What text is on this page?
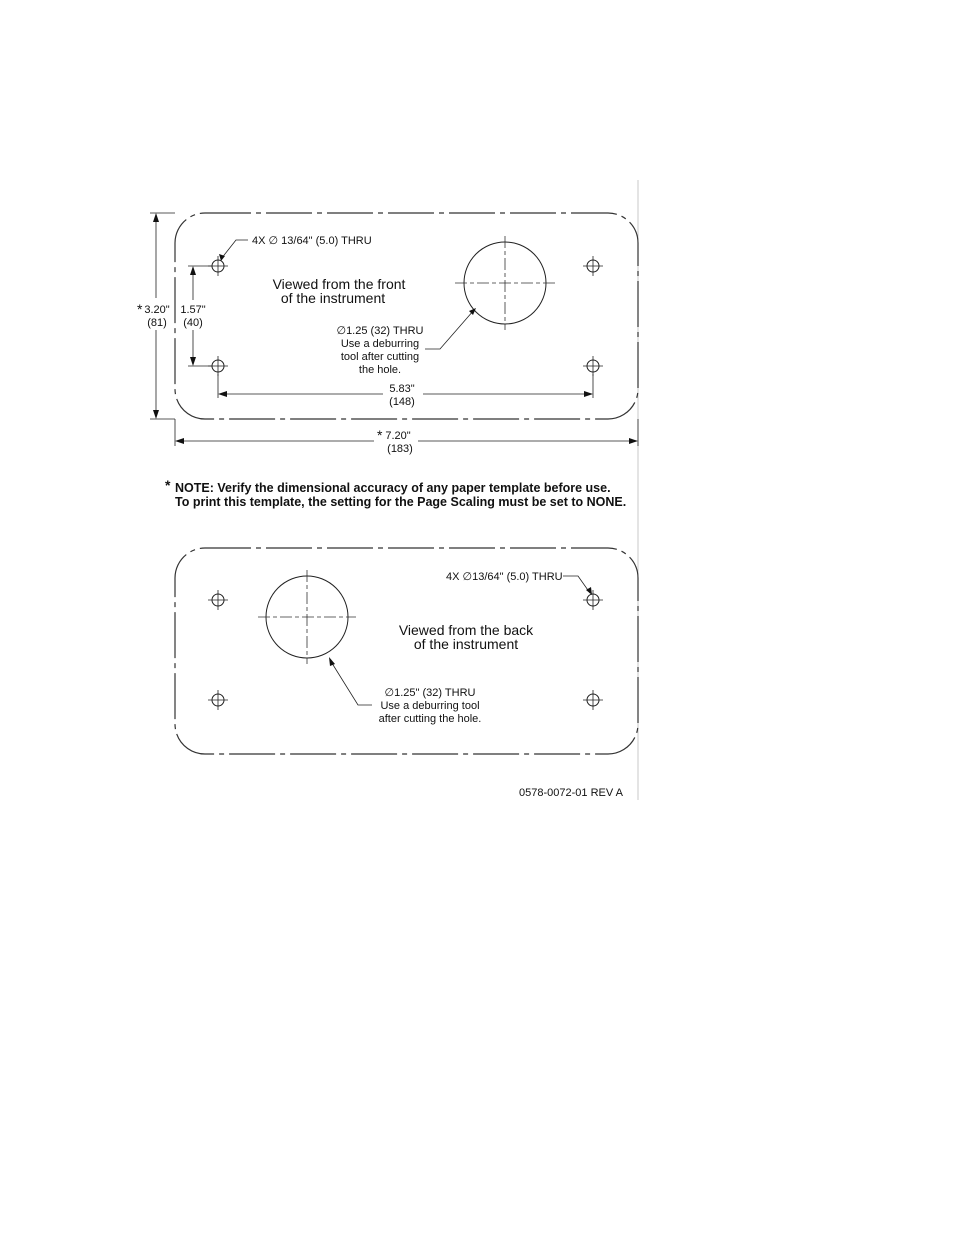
4X ∅ 13/64" (5.0) THRU
Viewed from the front
of the instrument
∅1.25 (32) THRU
Use a deburring
tool after cutting
the hole.
* 3.20"
(81)
1.57"
(40)
5.83"
(148)
* 7.20"
(183)
* NOTE: Verify the dimensional accuracy of any paper template before use.
To print this template, the setting for the Page Scaling must be set to NONE.
4X ∅13/64" (5.0) THRU
Viewed from the back
of the instrument
∅1.25" (32) THRU
Use a deburring tool
after cutting the hole.
0578-0072-01 REV A
